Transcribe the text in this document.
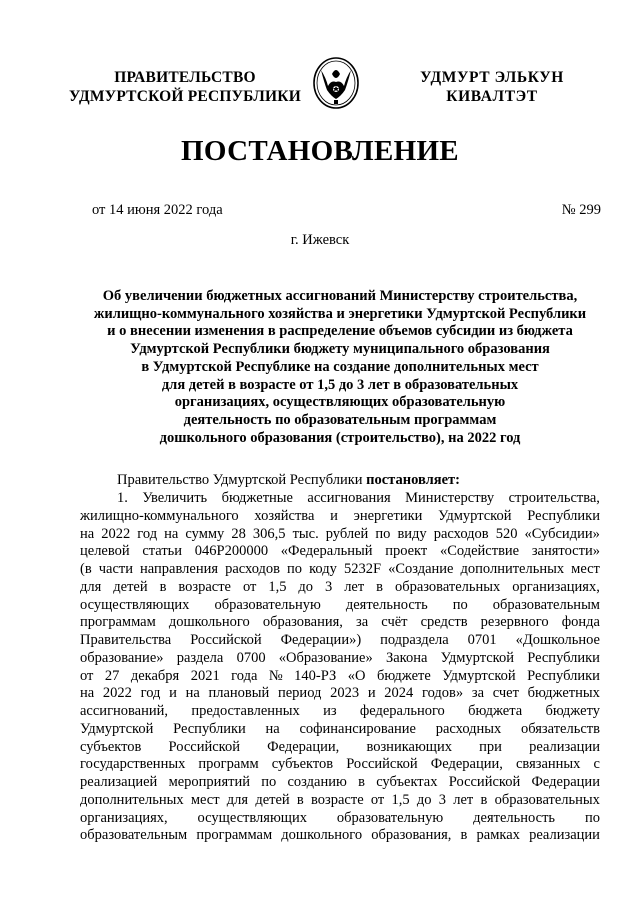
ПРАВИТЕЛЬСТВО
УДМУРТСКОЙ РЕСПУБЛИКИ
УДМУРТ ЭЛЬКУН
КИВАЛТЭТ
ПОСТАНОВЛЕНИЕ
от 14 июня 2022 года	№ 299
г. Ижевск
Об увеличении бюджетных ассигнований Министерству строительства,
жилищно-коммунального хозяйства и энергетики Удмуртской Республики
и о внесении изменения в распределение объемов субсидии из бюджета
Удмуртской Республики бюджету муниципального образования
в Удмуртской Республике на создание дополнительных мест
для детей в возрасте от 1,5 до 3 лет в образовательных
организациях, осуществляющих образовательную
деятельность по образовательным программам
дошкольного образования (строительство), на 2022 год
Правительство Удмуртской Республики постановляет:
1. Увеличить бюджетные ассигнования Министерству строительства,
жилищно-коммунального хозяйства и энергетики Удмуртской Республики
на 2022 год на сумму 28 306,5 тыс. рублей по виду расходов 520 «Субсидии»
целевой статьи 046P200000 «Федеральный проект «Содействие занятости»
(в части направления расходов по коду 5232F «Создание дополнительных мест
для детей в возрасте от 1,5 до 3 лет в образовательных организациях,
осуществляющих образовательную деятельность по образовательным
программам дошкольного образования, за счёт средств резервного фонда
Правительства Российской Федерации») подраздела 0701 «Дошкольное
образование» раздела 0700 «Образование» Закона Удмуртской Республики
от 27 декабря 2021 года № 140-РЗ «О бюджете Удмуртской Республики
на 2022 год и на плановый период 2023 и 2024 годов» за счет бюджетных
ассигнований, предоставленных из федерального бюджета бюджету
Удмуртской Республики на софинансирование расходных обязательств
субъектов Российской Федерации, возникающих при реализации
государственных программ субъектов Российской Федерации, связанных с
реализацией мероприятий по созданию в субъектах Российской Федерации
дополнительных мест для детей в возрасте от 1,5 до 3 лет в образовательных
организациях, осуществляющих образовательную деятельность по
образовательным программам дошкольного образования, в рамках реализации
